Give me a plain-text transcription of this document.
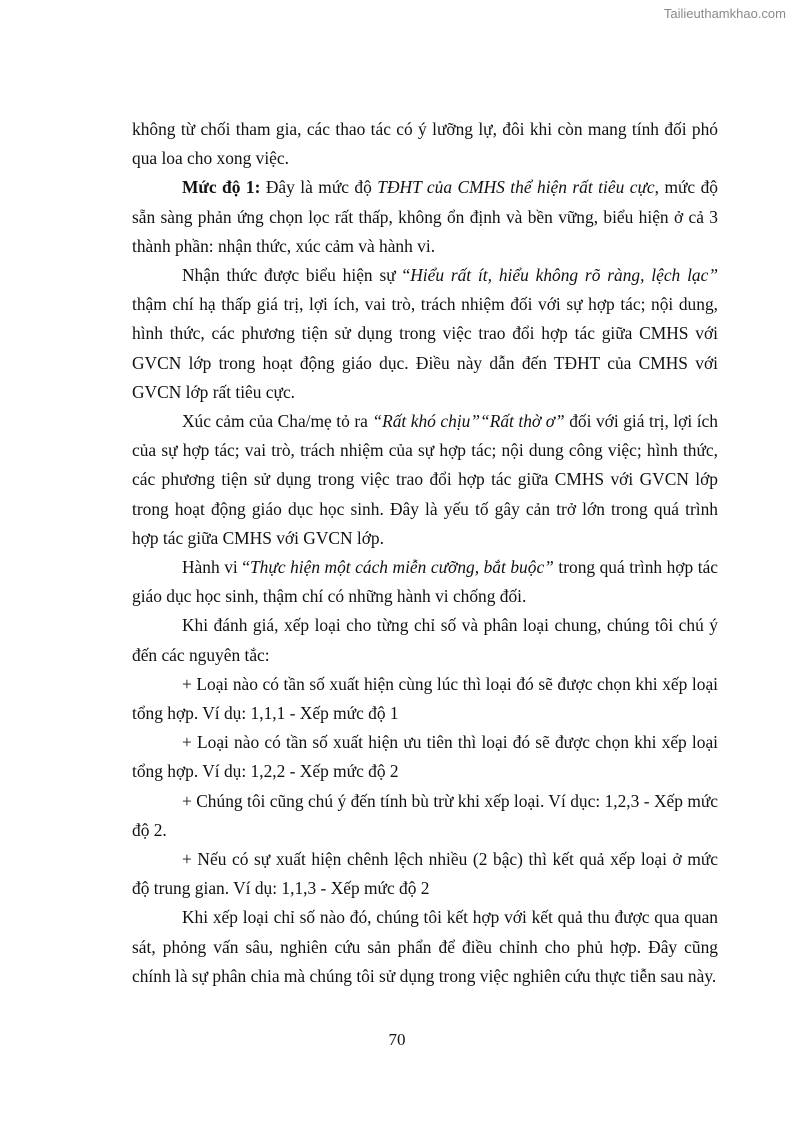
Tailieuthamkhao.com

không từ chối tham gia, các thao tác có ý lưỡng lự, đôi khi còn mang tính đối phó qua loa cho xong việc.

Mức độ 1: Đây là mức độ TĐHT của CMHS thể hiện rất tiêu cực, mức độ sẵn sàng phản ứng chọn lọc rất thấp, không ổn định và bền vững, biểu hiện ở cả 3 thành phần: nhận thức, xúc cảm và hành vi.

Nhận thức được biểu hiện sự “Hiểu rất ít, hiểu không rõ ràng, lệch lạc” thậm chí hạ thấp giá trị, lợi ích, vai trò, trách nhiệm đối với sự hợp tác; nội dung, hình thức, các phương tiện sử dụng trong việc trao đổi hợp tác giữa CMHS với GVCN lớp trong hoạt động giáo dục. Điều này dẫn đến TĐHT của CMHS với GVCN lớp rất tiêu cực.

Xúc cảm của Cha/mẹ tỏ ra “Rất khó chịu”“Rất thờ ơ” đối với giá trị, lợi ích của sự hợp tác; vai trò, trách nhiệm của sự hợp tác; nội dung công việc; hình thức, các phương tiện sử dụng trong việc trao đổi hợp tác giữa CMHS với GVCN lớp trong hoạt động giáo dục học sinh. Đây là yếu tố gây cản trở lớn trong quá trình hợp tác giữa CMHS với GVCN lớp.

Hành vi “Thực hiện một cách miễn cưỡng, bắt buộc” trong quá trình hợp tác giáo dục học sinh, thậm chí có những hành vi chống đối.

Khi đánh giá, xếp loại cho từng chỉ số và phân loại chung, chúng tôi chú ý đến các nguyên tắc:

+ Loại nào có tần số xuất hiện cùng lúc thì loại đó sẽ được chọn khi xếp loại tổng hợp. Ví dụ: 1,1,1 - Xếp mức độ 1

+ Loại nào có tần số xuất hiện ưu tiên thì loại đó sẽ được chọn khi xếp loại tổng hợp. Ví dụ: 1,2,2 - Xếp mức độ 2

+ Chúng tôi cũng chú ý đến tính bù trừ khi xếp loại. Ví dục: 1,2,3 - Xếp mức độ 2.

+ Nếu có sự xuất hiện chênh lệch nhiều (2 bậc) thì kết quả xếp loại ở mức độ trung gian. Ví dụ: 1,1,3 - Xếp mức độ 2

Khi xếp loại chỉ số nào đó, chúng tôi kết hợp với kết quả thu được qua quan sát, phỏng vấn sâu, nghiên cứu sản phẩn để điều chỉnh cho phủ hợp. Đây cũng chính là sự phân chia mà chúng tôi sử dụng trong việc nghiên cứu thực tiễn sau này.

70
